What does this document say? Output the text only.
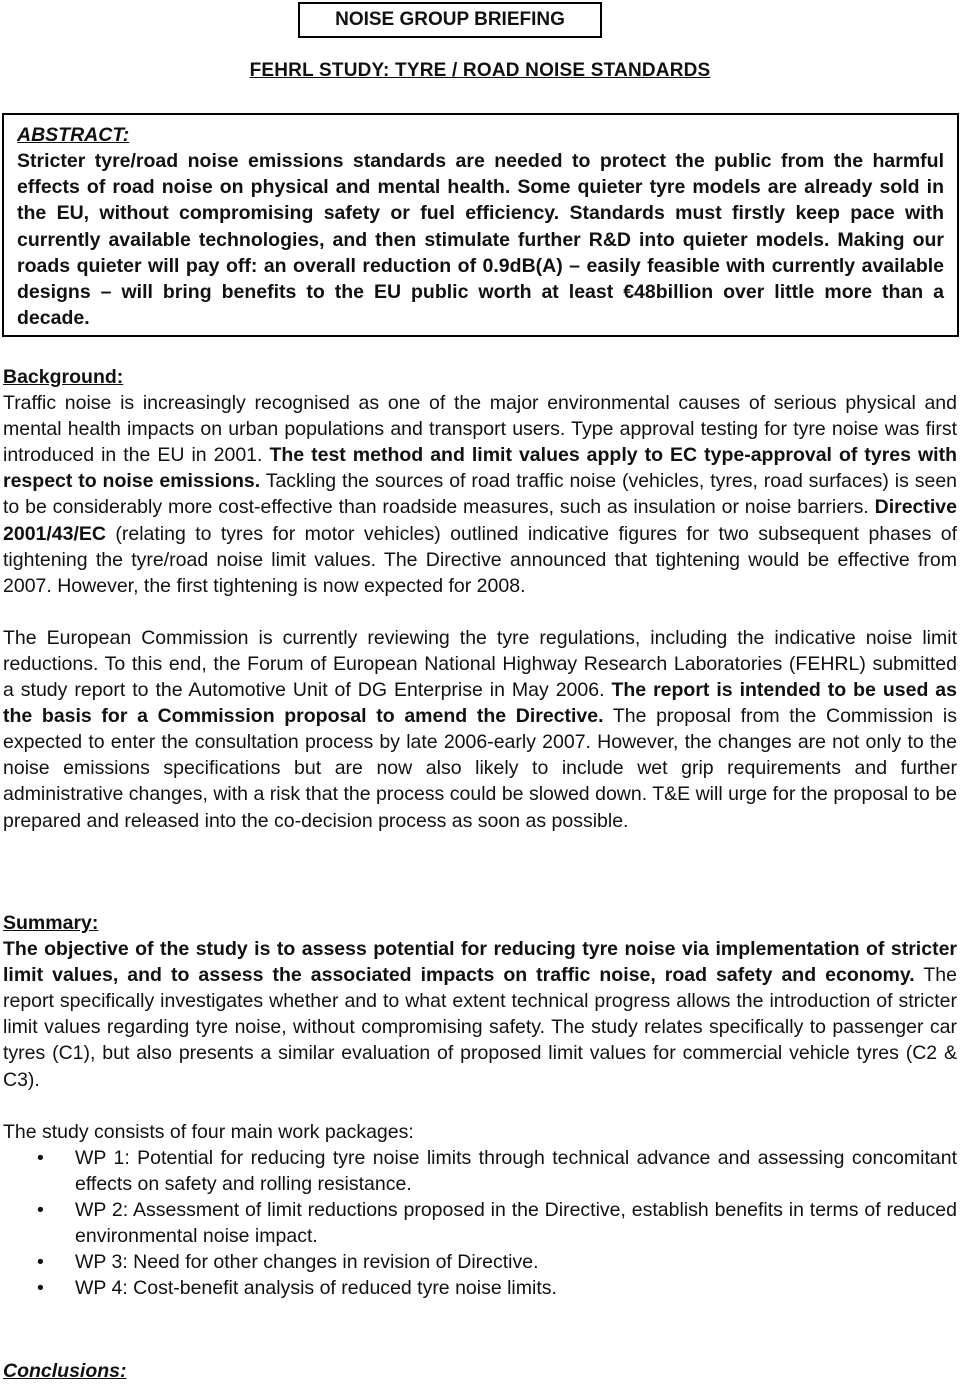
NOISE GROUP BRIEFING
FEHRL STUDY: TYRE / ROAD NOISE STANDARDS
ABSTRACT:

Stricter tyre/road noise emissions standards are needed to protect the public from the harmful effects of road noise on physical and mental health. Some quieter tyre models are already sold in the EU, without compromising safety or fuel efficiency. Standards must firstly keep pace with currently available technologies, and then stimulate further R&D into quieter models. Making our roads quieter will pay off: an overall reduction of 0.9dB(A) – easily feasible with currently available designs – will bring benefits to the EU public worth at least €48billion over little more than a decade.

Background:

Traffic noise is increasingly recognised as one of the major environmental causes of serious physical and mental health impacts on urban populations and transport users. Type approval testing for tyre noise was first introduced in the EU in 2001. The test method and limit values apply to EC type-approval of tyres with respect to noise emissions. Tackling the sources of road traffic noise (vehicles, tyres, road surfaces) is seen to be considerably more cost-effective than roadside measures, such as insulation or noise barriers. Directive 2001/43/EC (relating to tyres for motor vehicles) outlined indicative figures for two subsequent phases of tightening the tyre/road noise limit values. The Directive announced that tightening would be effective from 2007. However, the first tightening is now expected for 2008.

The European Commission is currently reviewing the tyre regulations, including the indicative noise limit reductions. To this end, the Forum of European National Highway Research Laboratories (FEHRL) submitted a study report to the Automotive Unit of DG Enterprise in May 2006. The report is intended to be used as the basis for a Commission proposal to amend the Directive. The proposal from the Commission is expected to enter the consultation process by late 2006-early 2007. However, the changes are not only to the noise emissions specifications but are now also likely to include wet grip requirements and further administrative changes, with a risk that the process could be slowed down. T&E will urge for the proposal to be prepared and released into the co-decision process as soon as possible.

Summary:

The objective of the study is to assess potential for reducing tyre noise via implementation of stricter limit values, and to assess the associated impacts on traffic noise, road safety and economy. The report specifically investigates whether and to what extent technical progress allows the introduction of stricter limit values regarding tyre noise, without compromising safety. The study relates specifically to passenger car tyres (C1), but also presents a similar evaluation of proposed limit values for commercial vehicle tyres (C2 & C3).

The study consists of four main work packages:

• WP 1: Potential for reducing tyre noise limits through technical advance and assessing concomitant effects on safety and rolling resistance.
• WP 2: Assessment of limit reductions proposed in the Directive, establish benefits in terms of reduced environmental noise impact.
• WP 3: Need for other changes in revision of Directive.
• WP 4: Cost-benefit analysis of reduced tyre noise limits.
Conclusions:
